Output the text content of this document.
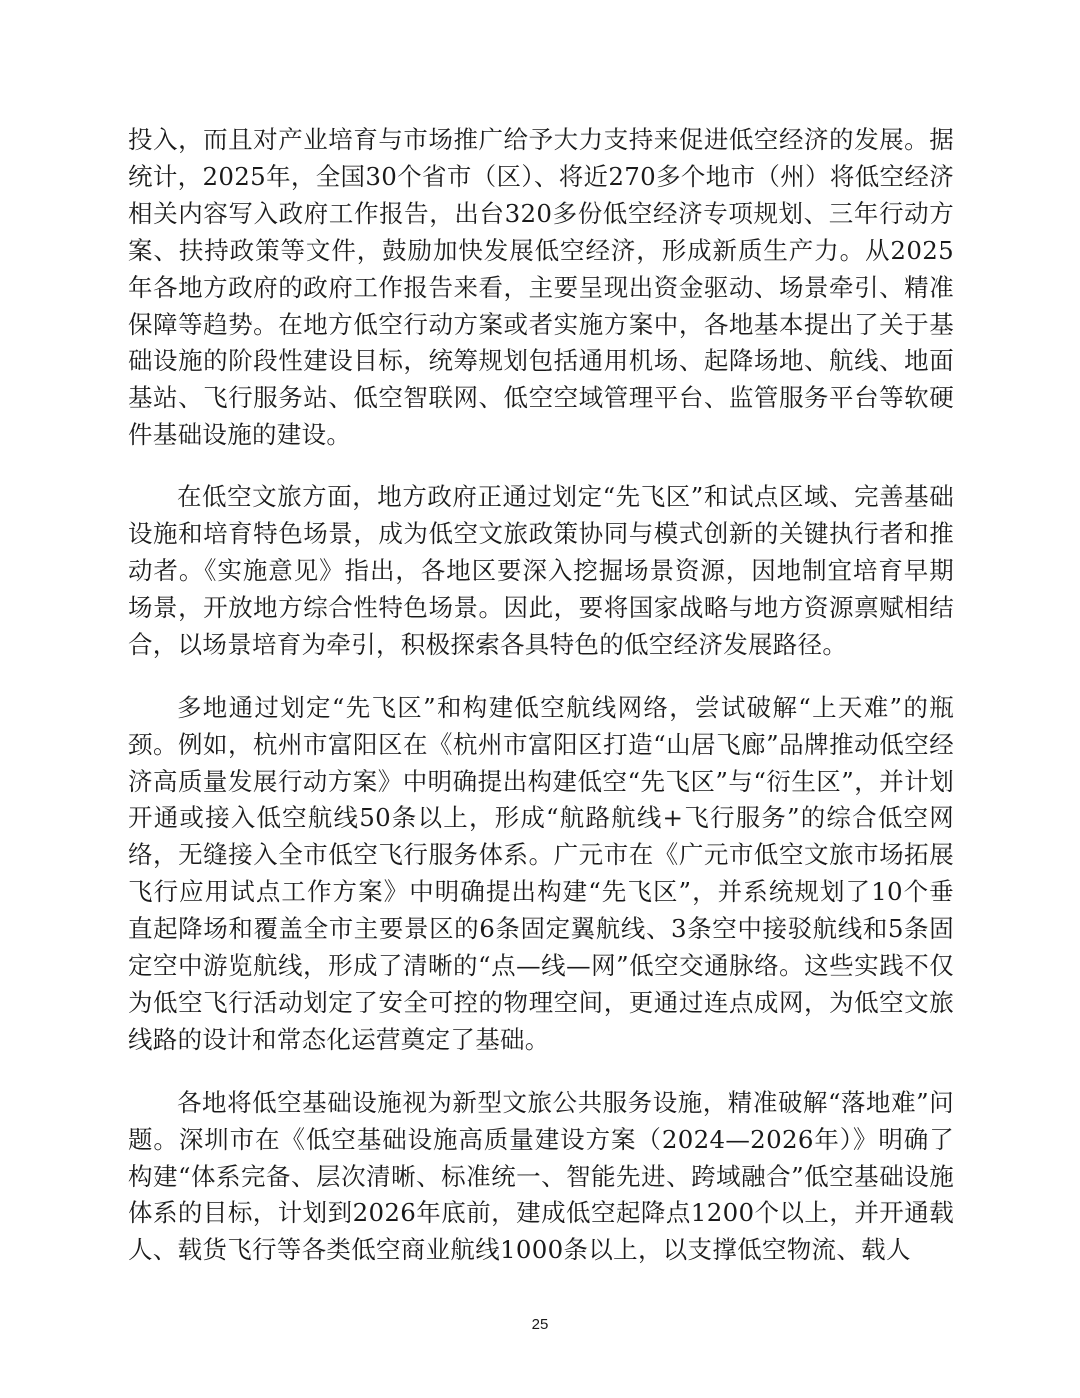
投入，而且对产业培育与市场推广给予大力支持来促进低空经济的发展。据统计，2025年，全国30个省市（区）、将近270多个地市（州）将低空经济相关内容写入政府工作报告，出台320多份低空经济专项规划、三年行动方案、扶持政策等文件，鼓励加快发展低空经济，形成新质生产力。从2025年各地方政府的政府工作报告来看，主要呈现出资金驱动、场景牵引、精准保障等趋势。在地方低空行动方案或者实施方案中，各地基本提出了关于基础设施的阶段性建设目标，统筹规划包括通用机场、起降场地、航线、地面基站、飞行服务站、低空智联网、低空空域管理平台、监管服务平台等软硬件基础设施的建设。

在低空文旅方面，地方政府正通过划定“先飞区”和试点区域、完善基础设施和培育特色场景，成为低空文旅政策协同与模式创新的关键执行者和推动者。《实施意见》指出，各地区要深入挖掘场景资源，因地制宜培育早期场景，开放地方综合性特色场景。因此，要将国家战略与地方资源禀赋相结合，以场景培育为牵引，积极探索各具特色的低空经济发展路径。

多地通过划定“先飞区”和构建低空航线网络，尝试破解“上天难”的瓶颈。例如，杭州市富阳区在《杭州市富阳区打造“山居飞廊”品牌推动低空经济高质量发展行动方案》中明确提出构建低空“先飞区”与“衍生区”，并计划开通或接入低空航线50条以上，形成“航路航线+飞行服务”的综合低空网络，无缝接入全市低空飞行服务体系。广元市在《广元市低空文旅市场拓展飞行应用试点工作方案》中明确提出构建“先飞区”，并系统规划了10个垂直起降场和覆盖全市主要景区的6条固定翼航线、3条空中接驳航线和5条固定空中游览航线，形成了清晰的“点—线—网”低空交通脉络。这些实践不仅为低空飞行活动划定了安全可控的物理空间，更通过连点成网，为低空文旅线路的设计和常态化运营奠定了基础。

各地将低空基础设施视为新型文旅公共服务设施，精准破解“落地难”问题。深圳市在《低空基础设施高质量建设方案（2024—2026年）》明确了构建“体系完备、层次清晰、标准统一、智能先进、跨域融合”低空基础设施体系的目标，计划到2026年底前，建成低空起降点1200个以上，并开通载人、载货飞行等各类低空商业航线1000条以上，以支撑低空物流、载人

25
